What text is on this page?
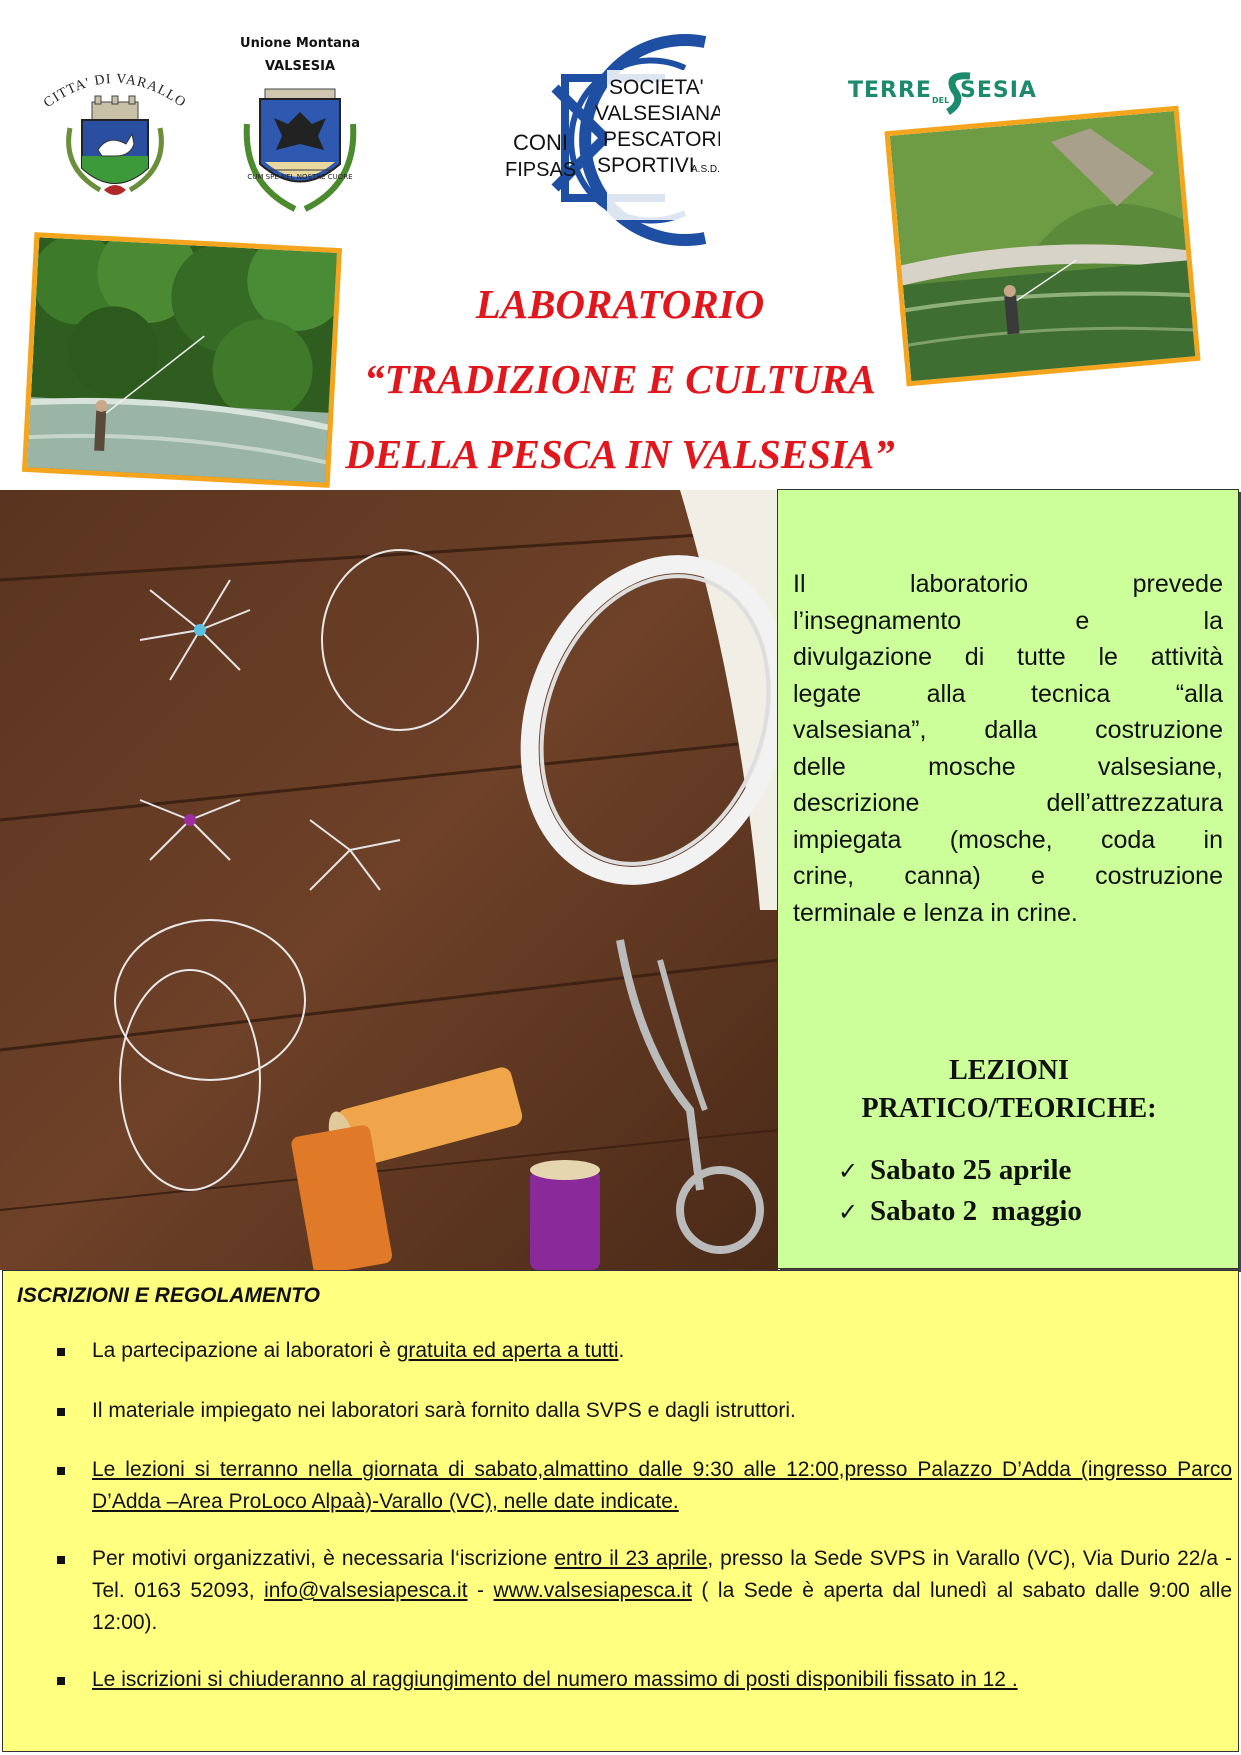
CITTA' DI VARALLO
Unione Montana
VALSESIA
CUM SPE NEL NOSTRE CUORE
CONI
FIPSAS
SOCIETA'
VALSESIANA
PESCATORI
SPORTIVI
A.S.D.
TERRE DEL SESIA
LABORATORIO
“TRADIZIONE E CULTURA
DELLA PESCA IN VALSESIA”
Il laboratorio prevede
l’insegnamento e la
divulgazione di tutte le attività
legate alla tecnica “alla
valsesiana”, dalla costruzione
delle mosche valsesiane,
descrizione dell’attrezzatura
impiegata (mosche, coda in
crine, canna) e costruzione
terminale e lenza in crine.
LEZIONI
PRATICO/TEORICHE:
✓ Sabato 25 aprile
✓ Sabato 2  maggio
ISCRIZIONI E REGOLAMENTO
La partecipazione ai laboratori è gratuita ed aperta a tutti.
Il materiale impiegato nei laboratori sarà fornito dalla SVPS e dagli istruttori.
Le lezioni si terranno nella giornata di sabato,almattino dalle 9:30 alle 12:00,presso Palazzo D’Adda (ingresso Parco D’Adda –Area ProLoco Alpaà)-Varallo (VC), nelle date indicate.
Per motivi organizzativi, è necessaria l‘iscrizione entro il 23 aprile, presso la Sede SVPS in Varallo (VC), Via Durio 22/a - Tel. 0163 52093, info@valsesiapesca.it - www.valsesiapesca.it ( la Sede è aperta dal lunedì al sabato dalle 9:00 alle 12:00).
Le iscrizioni si chiuderanno al raggiungimento del numero massimo di posti disponibili fissato in 12 .
